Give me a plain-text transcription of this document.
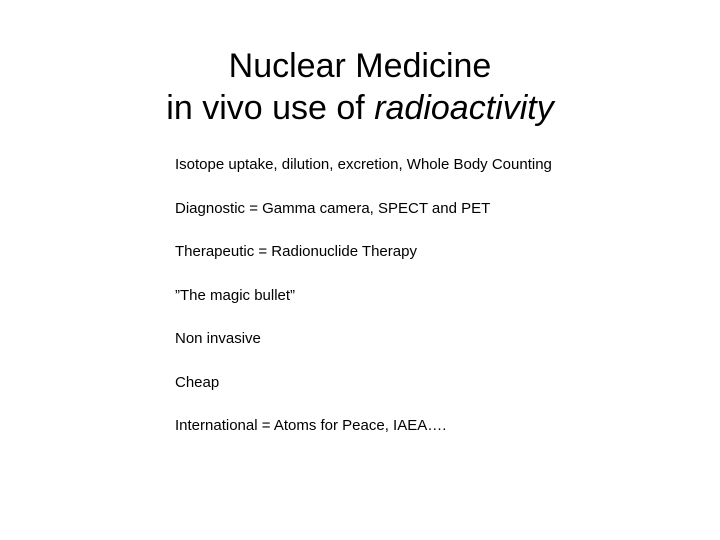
Nuclear Medicine
in vivo use of radioactivity
Isotope uptake, dilution, excretion, Whole Body Counting
Diagnostic = Gamma camera, SPECT and PET
Therapeutic = Radionuclide Therapy
”The magic bullet”
Non invasive
Cheap
International = Atoms for Peace, IAEA….
